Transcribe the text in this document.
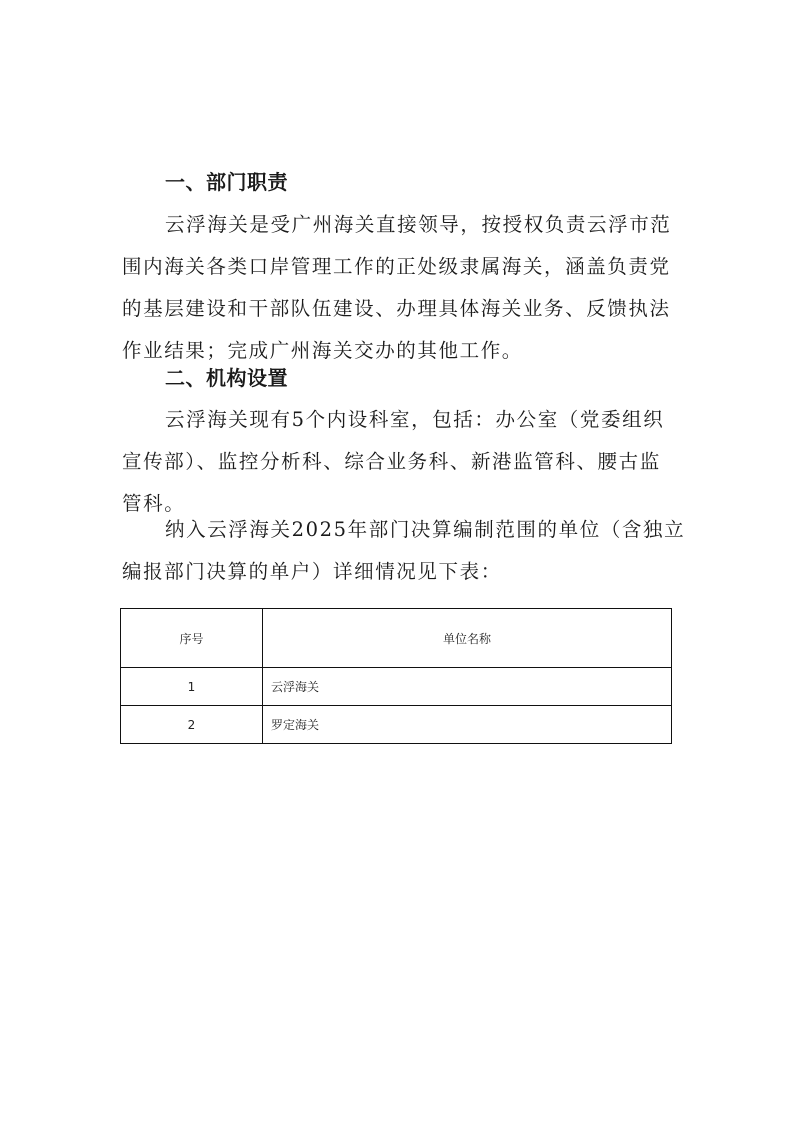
一、部门职责
云浮海关是受广州海关直接领导，按授权负责云浮市范
围内海关各类口岸管理工作的正处级隶属海关，涵盖负责党
的基层建设和干部队伍建设、办理具体海关业务、反馈执法
作业结果；完成广州海关交办的其他工作。
二、机构设置
云浮海关现有5个内设科室，包括：办公室（党委组织
宣传部）、监控分析科、综合业务科、新港监管科、腰古监
管科。
纳入云浮海关2025年部门决算编制范围的单位（含独立
编报部门决算的单户）详细情况见下表：
序号	单位名称
1	云浮海关
2	罗定海关
